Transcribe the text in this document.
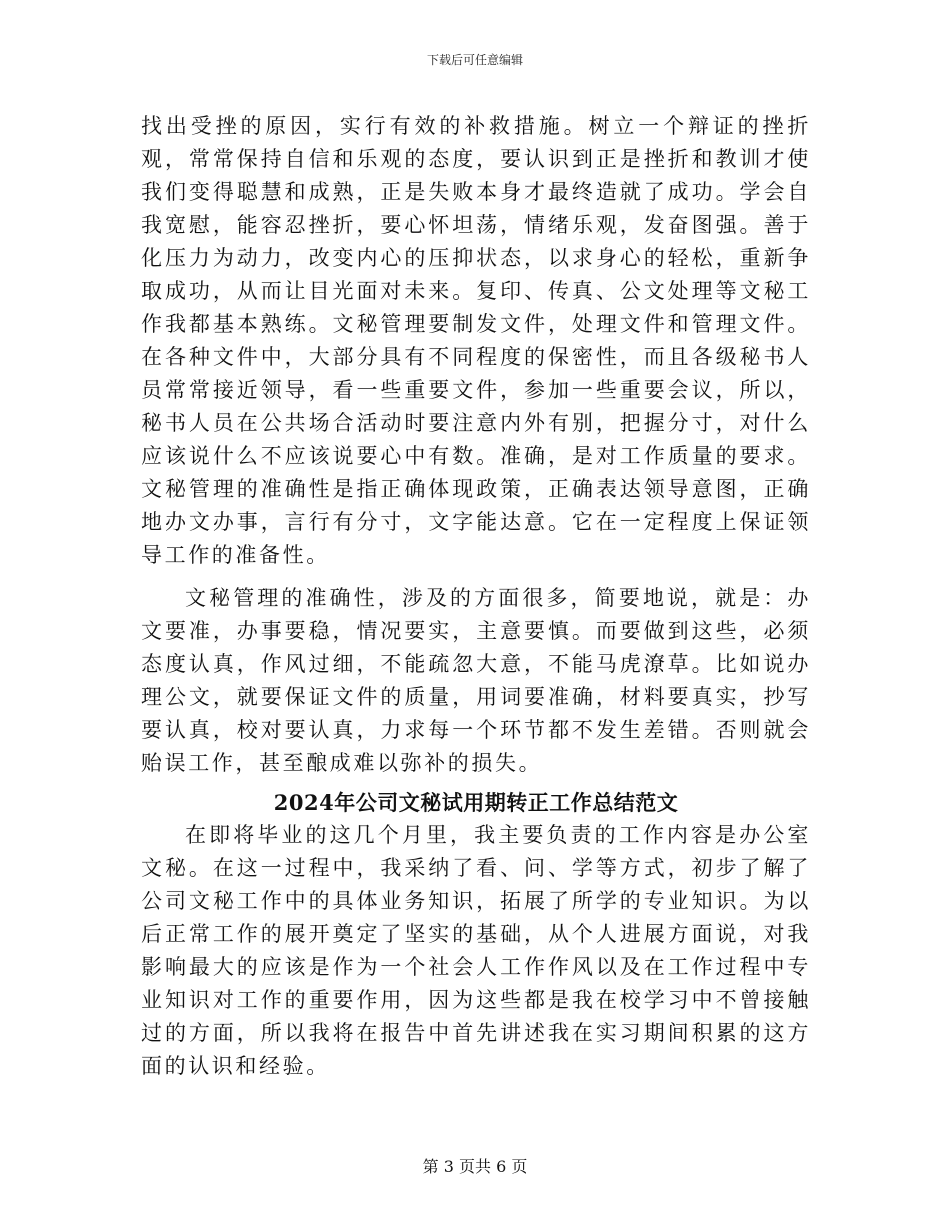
下载后可任意编辑

找出受挫的原因，实行有效的补救措施。树立一个辩证的挫折观，常常保持自信和乐观的态度，要认识到正是挫折和教训才使我们变得聪慧和成熟，正是失败本身才最终造就了成功。学会自我宽慰，能容忍挫折，要心怀坦荡，情绪乐观，发奋图强。善于化压力为动力，改变内心的压抑状态，以求身心的轻松，重新争取成功，从而让目光面对未来。复印、传真、公文处理等文秘工作我都基本熟练。文秘管理要制发文件，处理文件和管理文件。在各种文件中，大部分具有不同程度的保密性，而且各级秘书人员常常接近领导，看一些重要文件，参加一些重要会议，所以，秘书人员在公共场合活动时要注意内外有别，把握分寸，对什么应该说什么不应该说要心中有数。准确，是对工作质量的要求。文秘管理的准确性是指正确体现政策，正确表达领导意图，正确地办文办事，言行有分寸，文字能达意。它在一定程度上保证领导工作的准备性。

文秘管理的准确性，涉及的方面很多，简要地说，就是：办文要准，办事要稳，情况要实，主意要慎。而要做到这些，必须态度认真，作风过细，不能疏忽大意，不能马虎潦草。比如说办理公文，就要保证文件的质量，用词要准确，材料要真实，抄写要认真，校对要认真，力求每一个环节都不发生差错。否则就会贻误工作，甚至酿成难以弥补的损失。

2024年公司文秘试用期转正工作总结范文

在即将毕业的这几个月里，我主要负责的工作内容是办公室文秘。在这一过程中，我采纳了看、问、学等方式，初步了解了公司文秘工作中的具体业务知识，拓展了所学的专业知识。为以后正常工作的展开奠定了坚实的基础，从个人进展方面说，对我影响最大的应该是作为一个社会人工作作风以及在工作过程中专业知识对工作的重要作用，因为这些都是我在校学习中不曾接触过的方面，所以我将在报告中首先讲述我在实习期间积累的这方面的认识和经验。

第 3 页共 6 页
